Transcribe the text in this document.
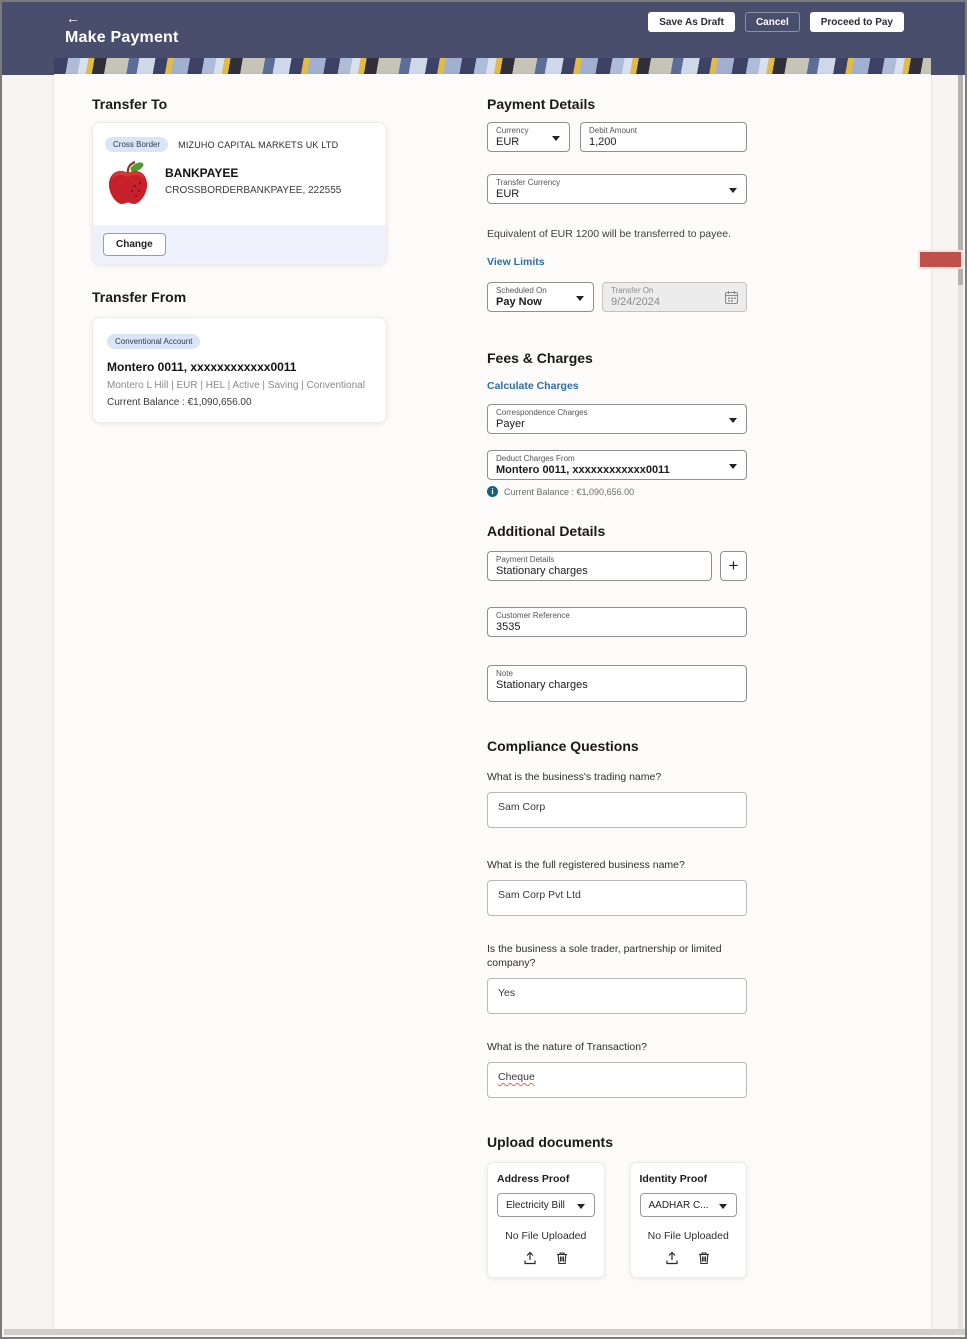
←
Make Payment
Save As Draft	Cancel	Proceed to Pay
Transfer To
Cross Border	MIZUHO CAPITAL MARKETS UK LTD
BANKPAYEE
CROSSBORDERBANKPAYEE, 222555
Change
Transfer From
Conventional Account
Montero 0011, xxxxxxxxxxxx0011
Montero L Hill | EUR | HEL | Active | Saving | Conventional
Current Balance : €1,090,656.00
Payment Details
Currency
EUR
Debit Amount
1,200
Transfer Currency
EUR
Equivalent of EUR 1200 will be transferred to payee.
View Limits
Scheduled On
Pay Now
Transfer On
9/24/2024
Fees & Charges
Calculate Charges
Correspondence Charges
Payer
Deduct Charges From
Montero 0011, xxxxxxxxxxxx0011
i	Current Balance : €1,090,656.00
Additional Details
Payment Details
Stationary charges	+
Customer Reference
3535
Note
Stationary charges
Compliance Questions
What is the business's trading name?
Sam Corp
What is the full registered business name?
Sam Corp Pvt Ltd
Is the business a sole trader, partnership or limited company?
Yes
What is the nature of Transaction?
Cheque
Upload documents
Address Proof
Electricity Bill
No File Uploaded
Identity Proof
AADHAR C...
No File Uploaded
